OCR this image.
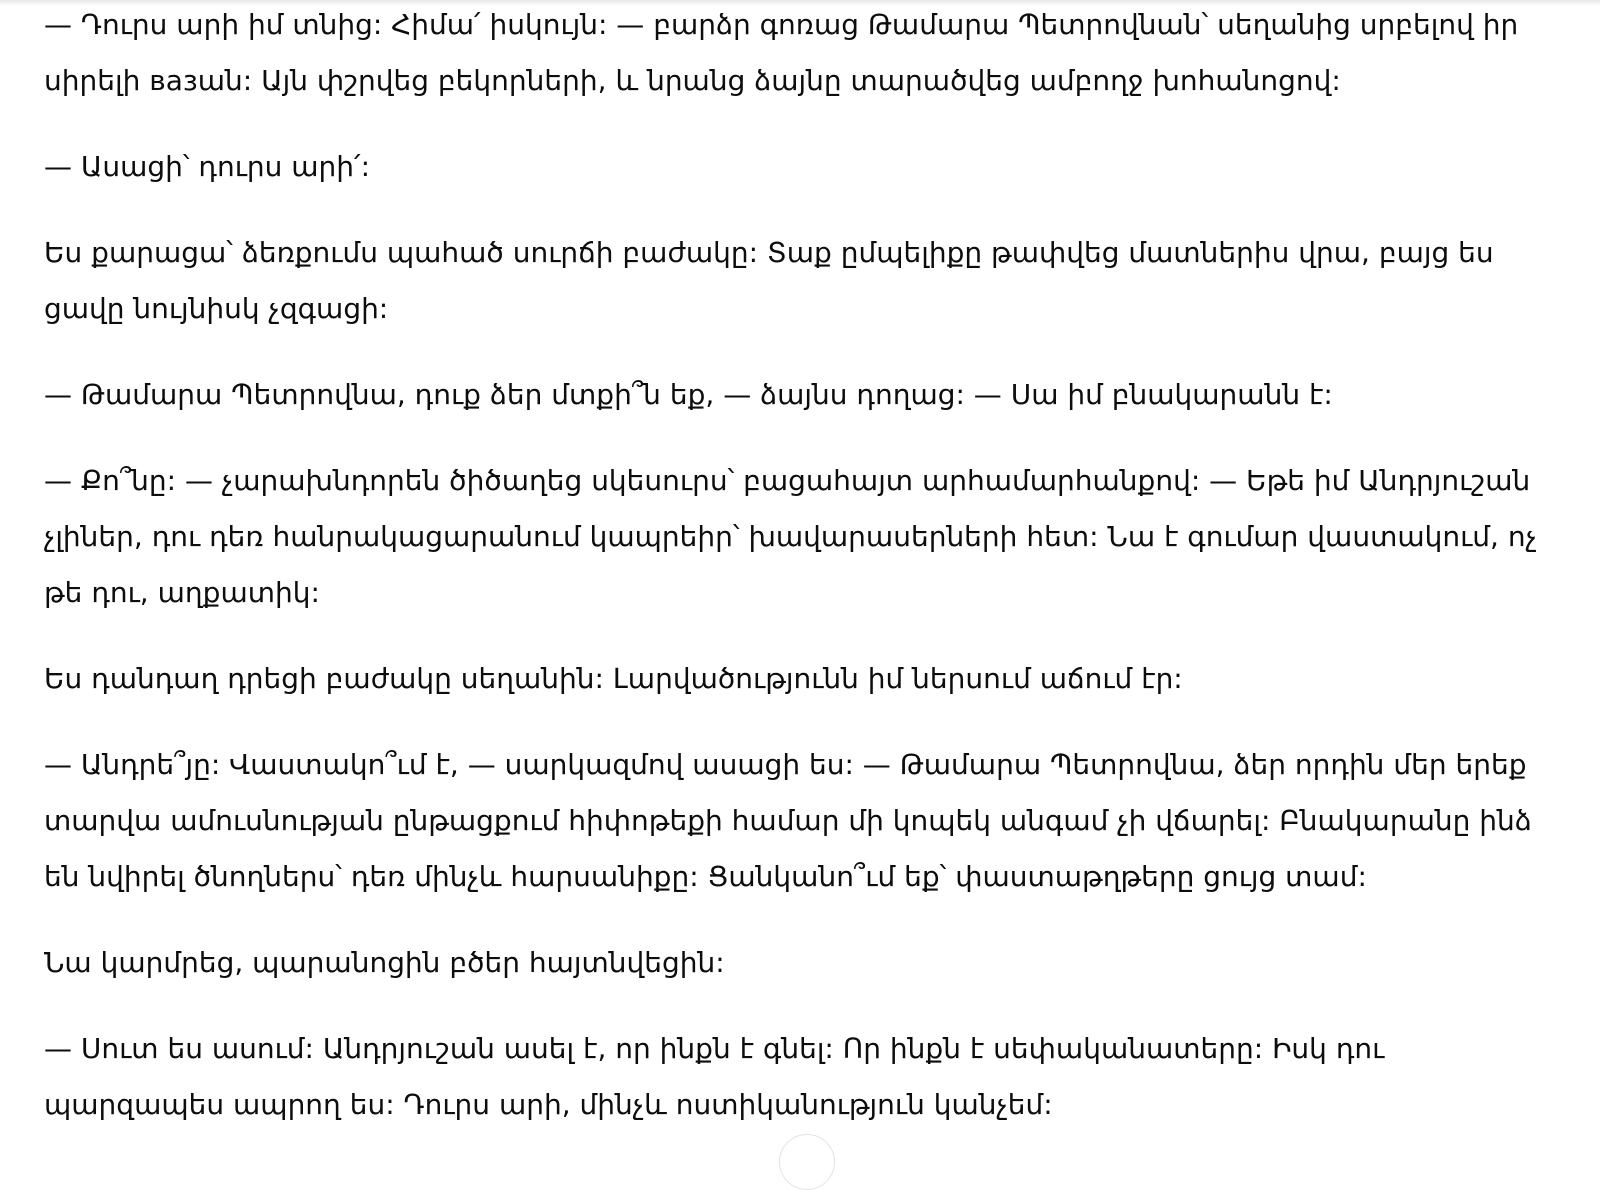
— Դուրս արի իմ տնից: Հիմա՛ իսկույն: — բարձր գոռաց Թամարա Պետրովնան՝ սեղանից սրբելով իր սիրելի вазան: Այն փշրվեց բեկորների, և նրանց ձայնը տարածվեց ամբողջ խոհանոցով:

— Ասացի՝ դուրս արի՛:

Ես քարացա՝ ձեռքումս պահած սուրճի բաժակը: Տաք ըմպելիքը թափվեց մատներիս վրա, բայց ես ցավը նույնիսկ չզգացի:

— Թամարա Պետրովնա, դուք ձեր մտքի՞ն եք, — ձայնս դողաց: — Սա իմ բնակարանն է:

— Քո՞նը: — չարախնդորեն ծիծաղեց սկեսուրս՝ բացահայտ արհամարհանքով: — Եթե իմ Անդրյուշան չլիներ, դու դեռ հանրակացարանում կապրեիր՝ խավարասերների հետ: Նա է գումար վաստակում, ոչ թե դու, աղքատիկ:

Ես դանդաղ դրեցի բաժակը սեղանին: Լարվածությունն իմ ներսում աճում էր:

— Անդրե՞յը: Վաստակո՞ւմ է, — սարկազմով ասացի ես: — Թամարա Պետրովնա, ձեր որդին մեր երեք տարվա ամուսնության ընթացքում հիփոթեքի համար մի կոպեկ անգամ չի վճարել: Բնակարանը ինձ են նվիրել ծնողներս՝ դեռ մինչև հարսանիքը: Ցանկանո՞ւմ եք՝ փաստաթղթերը ցույց տամ:

Նա կարմրեց, պարանոցին բծեր հայտնվեցին:

— Սուտ ես ասում: Անդրյուշան ասել է, որ ինքն է գնել: Որ ինքն է սեփականատերը: Իսկ դու պարզապես ապրող ես: Դուրս արի, մինչև ոստիկանություն կանչեմ:
